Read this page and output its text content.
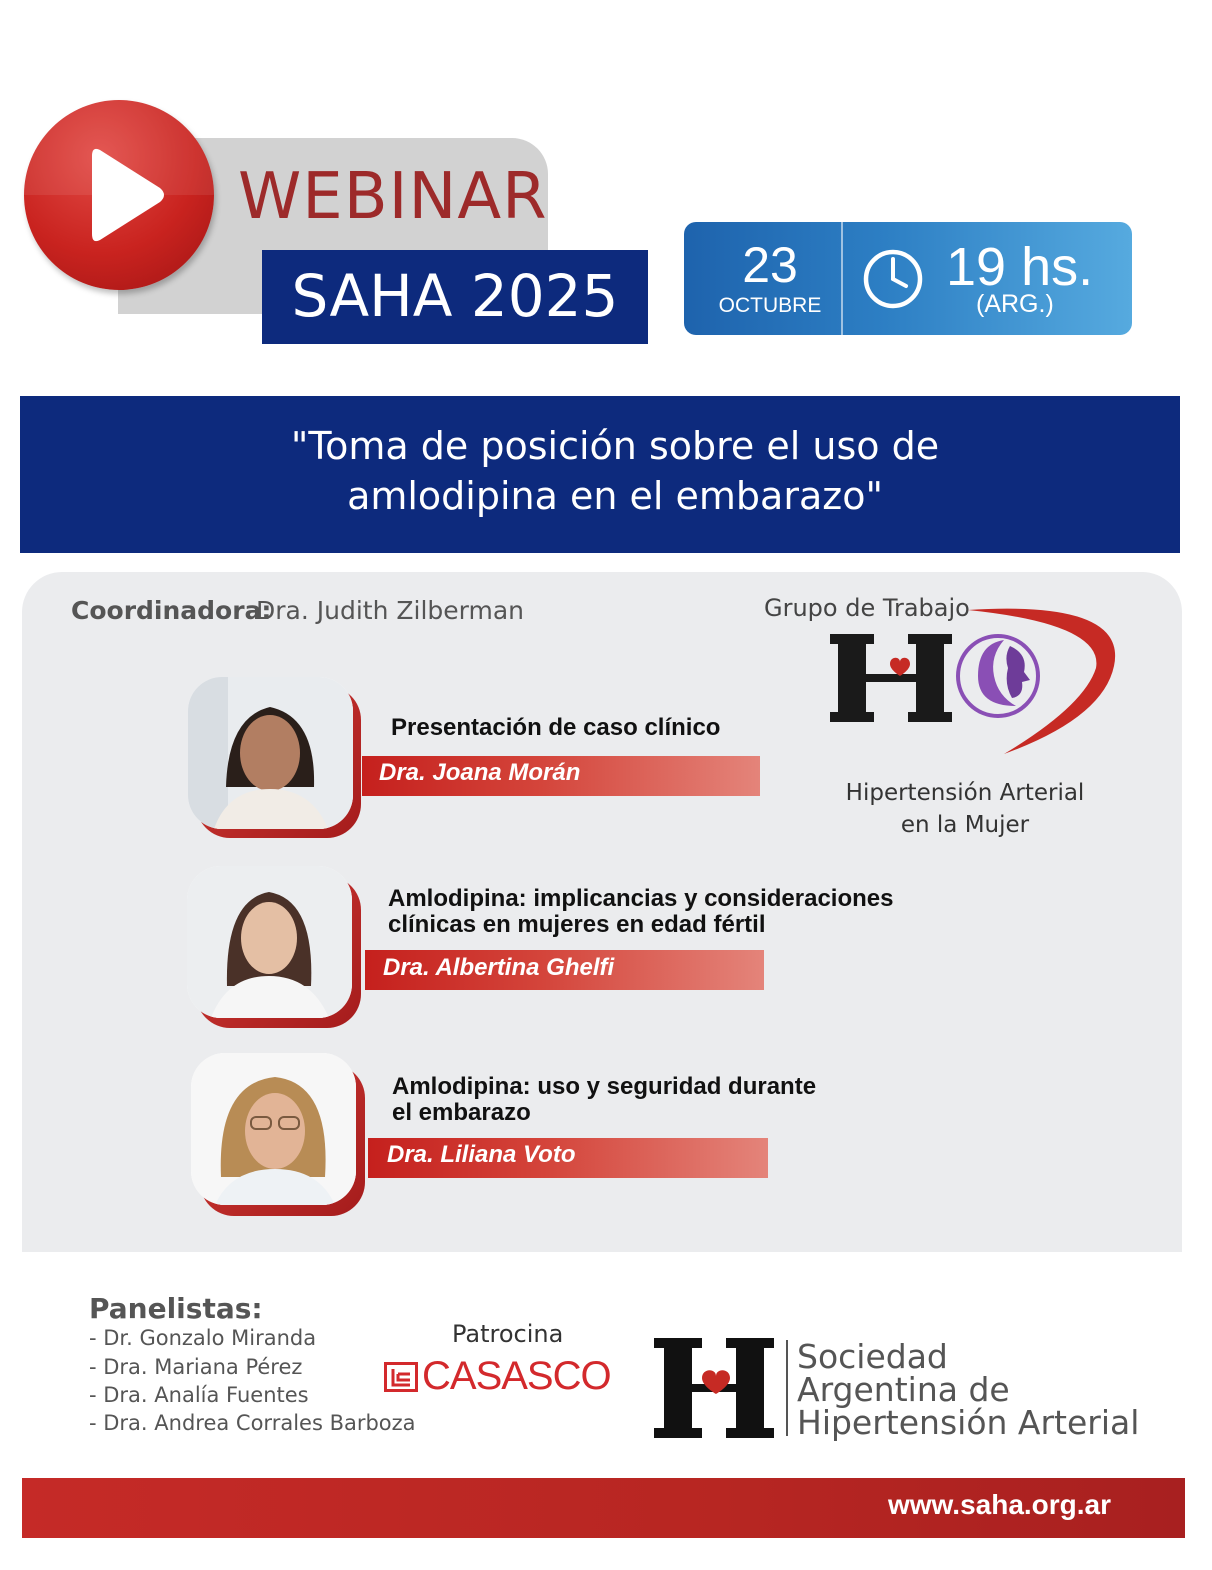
WEBINAR
SAHA 2025	23
OCTUBRE
19 hs.
(ARG.)
"Toma de posición sobre el uso de
amlodipina en el embarazo"
Coordinadora:
Dra. Judith Zilberman	Grupo de Trabajo
Hipertensión Arterial
en la Mujer
Dra. Joana Morán
Presentación de caso clínico
Dra. Albertina Ghelfi
Amlodipina: implicancias y consideraciones
clínicas en mujeres en edad fértil
Dra. Liliana Voto
Amlodipina: uso y seguridad durante
el embarazo
Panelistas:
- Dr. Gonzalo Miranda
- Dra. Mariana Pérez
- Dra. Analía Fuentes
- Dra. Andrea Corrales Barboza
Patrocina
CASASCO	Sociedad
Argentina de
Hipertensión Arterial
www.saha.org.ar
